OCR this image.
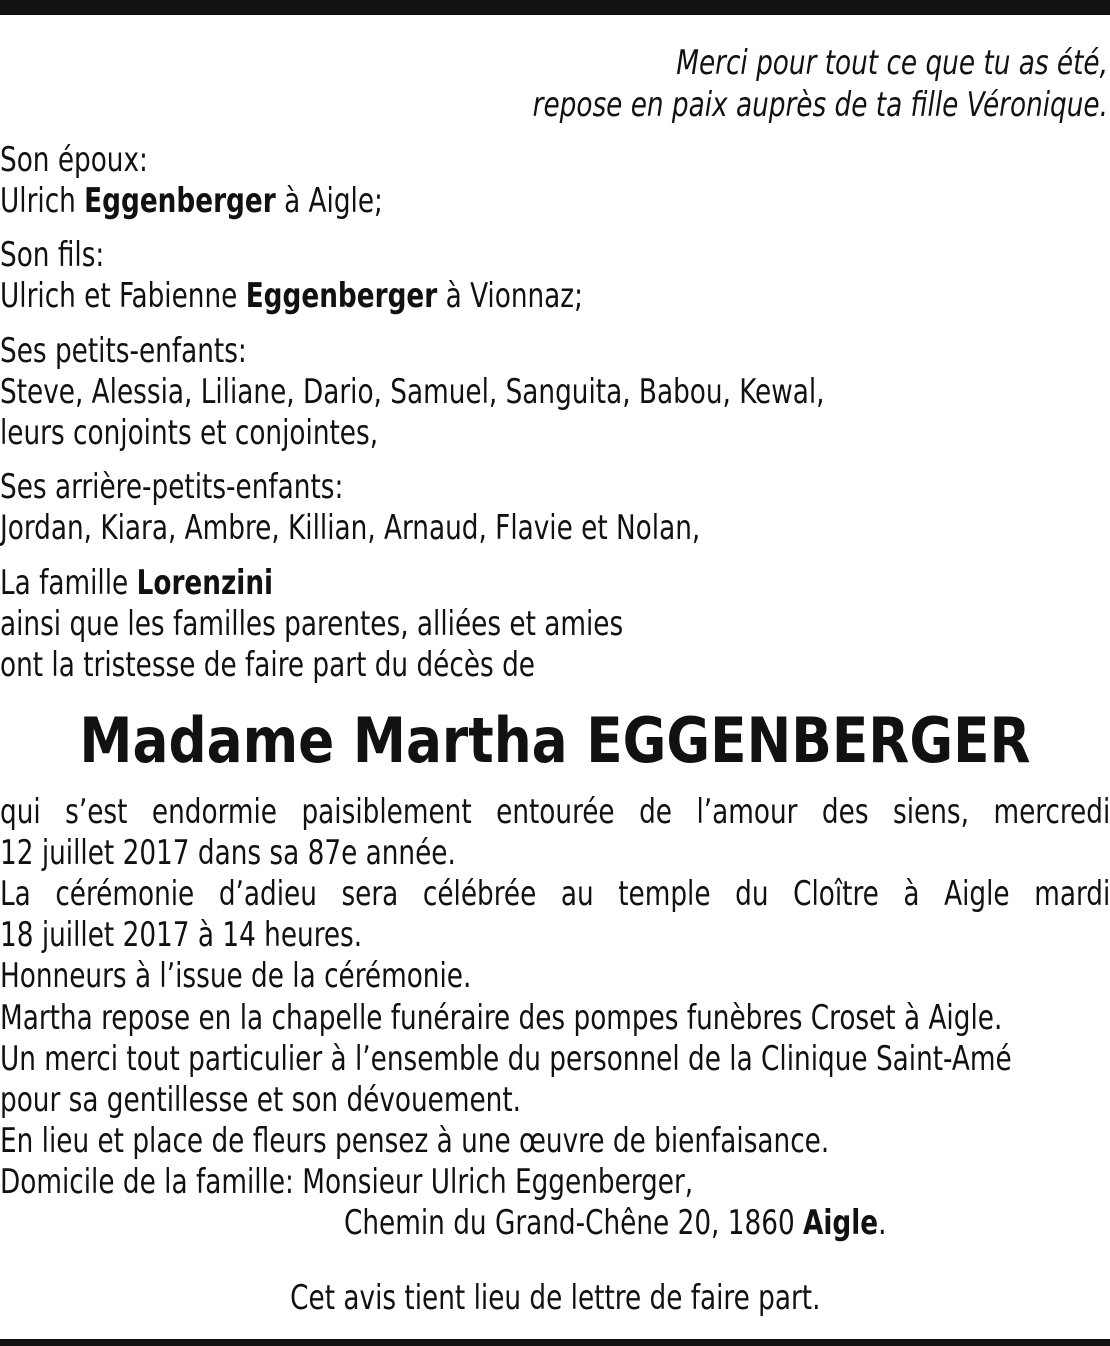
Merci pour tout ce que tu as été,
repose en paix auprès de ta fille Véronique.
Son époux:
Ulrich Eggenberger à Aigle;
Son fils:
Ulrich et Fabienne Eggenberger à Vionnaz;
Ses petits-enfants:
Steve, Alessia, Liliane, Dario, Samuel, Sanguita, Babou, Kewal,
leurs conjoints et conjointes,
Ses arrière-petits-enfants:
Jordan, Kiara, Ambre, Killian, Arnaud, Flavie et Nolan,
La famille Lorenzini
ainsi que les familles parentes, alliées et amies
ont la tristesse de faire part du décès de
Madame Martha EGGENBERGER
qui s’est endormie paisiblement entourée de l’amour des siens, mercredi
12 juillet 2017 dans sa 87e année.
La cérémonie d’adieu sera célébrée au temple du Cloître à Aigle mardi
18 juillet 2017 à 14 heures.
Honneurs à l’issue de la cérémonie.
Martha repose en la chapelle funéraire des pompes funèbres Croset à Aigle.
Un merci tout particulier à l’ensemble du personnel de la Clinique Saint-Amé
pour sa gentillesse et son dévouement.
En lieu et place de fleurs pensez à une œuvre de bienfaisance.
Domicile de la famille: Monsieur Ulrich Eggenberger,
Chemin du Grand-Chêne 20, 1860 Aigle.
Cet avis tient lieu de lettre de faire part.
